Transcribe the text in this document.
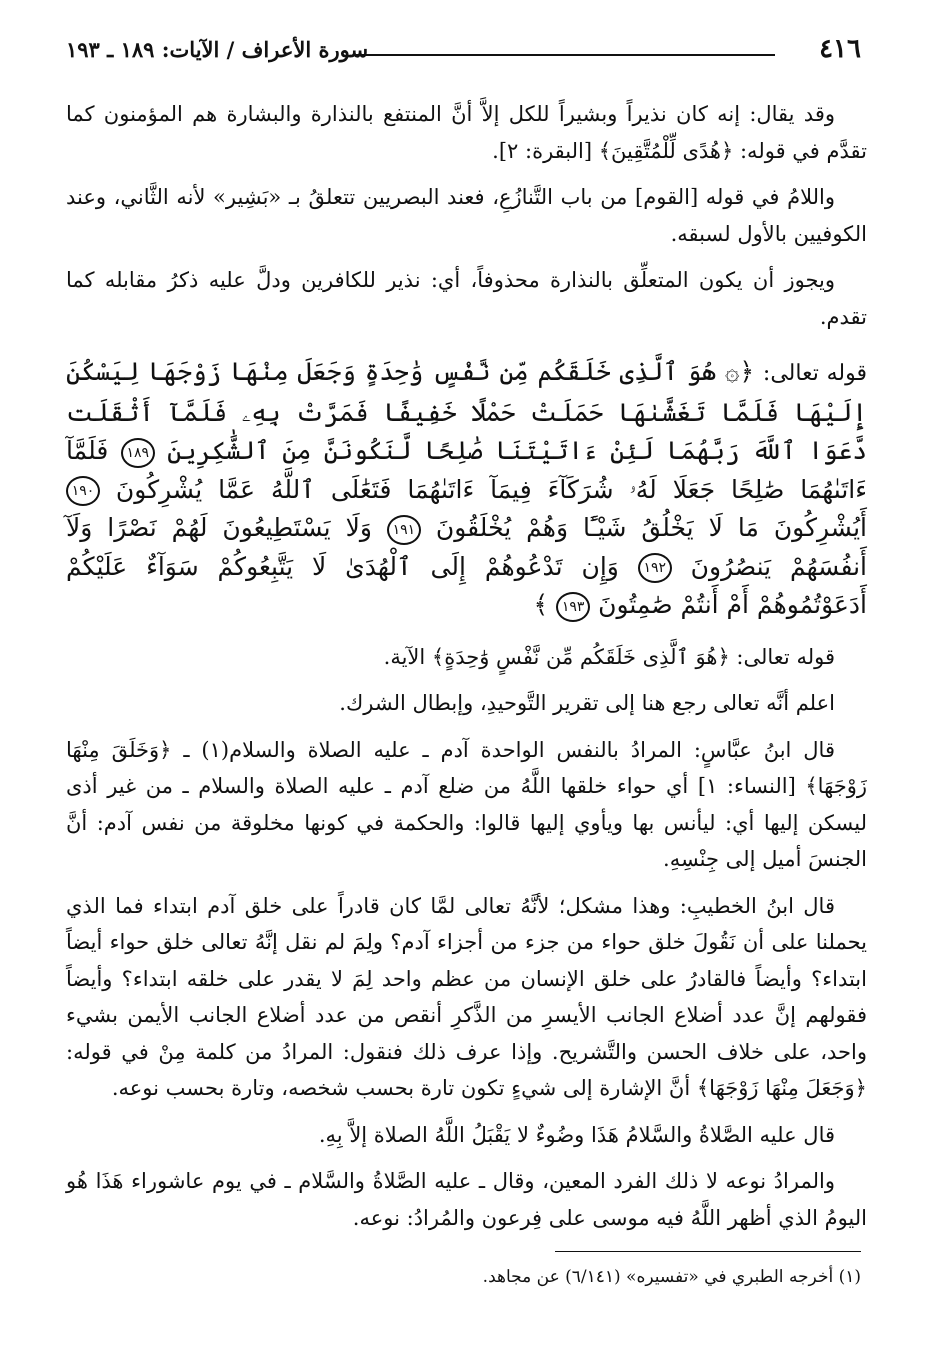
٤١٦
سورة الأعراف / الآيات: ١٨٩ ـ ١٩٣

وقد يقال: إنه كان نذيراً وبشيراً للكل إلاَّ أنَّ المنتفع بالنذارة والبشارة هم المؤمنون كما تقدَّم في قوله: ﴿هُدًى لِّلْمُتَّقِينَ﴾ [البقرة: ٢].

واللامُ في قوله [القوم] من باب التَّنازُعِ، فعند البصريين تتعلقُ بـ «بَشِير» لأنه الثَّاني، وعند الكوفيين بالأول لسبقه.

ويجوز أن يكون المتعلِّق بالنذارة محذوفاً، أي: نذير للكافرين ودلَّ عليه ذكرُ مقابله كما تقدم.

قوله تعالى: ﴿۞ هُوَ ٱلَّذِى خَلَقَكُم مِّن نَّفْسٍ وَٰحِدَةٍ وَجَعَلَ مِنْهَا زَوْجَهَا لِيَسْكُنَ إِلَيْهَا فَلَمَّا تَغَشَّىٰهَا حَمَلَتْ حَمْلًا خَفِيفًا فَمَرَّتْ بِهِۦ فَلَمَّآ أَثْقَلَت دَّعَوَا ٱللَّهَ رَبَّهُمَا لَئِنْ ءَاتَيْتَنَا صَٰلِحًا لَّنَكُونَنَّ مِنَ ٱلشَّٰكِرِينَ ١٨٩ فَلَمَّآ ءَاتَىٰهُمَا صَٰلِحًا جَعَلَا لَهُۥ شُرَكَآءَ فِيمَآ ءَاتَىٰهُمَا فَتَعَٰلَى ٱللَّهُ عَمَّا يُشْرِكُونَ ١٩٠ أَيُشْرِكُونَ مَا لَا يَخْلُقُ شَيْـًٔا وَهُمْ يُخْلَقُونَ ١٩١ وَلَا يَسْتَطِيعُونَ لَهُمْ نَصْرًا وَلَآ أَنفُسَهُمْ يَنصُرُونَ ١٩٢ وَإِن تَدْعُوهُمْ إِلَى ٱلْهُدَىٰ لَا يَتَّبِعُوكُمْ سَوَآءٌ عَلَيْكُمْ أَدَعَوْتُمُوهُمْ أَمْ أَنتُمْ صَٰمِتُونَ ١٩٣ ﴾

قوله تعالى: ﴿هُوَ ٱلَّذِى خَلَقَكُم مِّن نَّفْسٍ وَٰحِدَةٍ﴾ الآية.

اعلم أنَّه تعالى رجع هنا إلى تقرير التَّوحيدِ، وإبطال الشرك.

قال ابنُ عبَّاسٍ: المرادُ بالنفس الواحدة آدم ـ عليه الصلاة والسلام(١) ـ ﴿وَخَلَقَ مِنْهَا زَوْجَهَا﴾ [النساء: ١] أي حواء خلقها اللَّهُ من ضلع آدم ـ عليه الصلاة والسلام ـ من غير أذى ليسكن إليها أي: ليأنس بها ويأوي إليها قالوا: والحكمة في كونها مخلوقة من نفس آدم: أنَّ الجنسَ أميل إلى جِنْسِهِ.

قال ابنُ الخطيبِ: وهذا مشكل؛ لأنَّهُ تعالى لمَّا كان قادراً على خلق آدم ابتداء فما الذي يحملنا على أن نَقُولَ خلق حواء من جزء من أجزاء آدم؟ ولِمَ لم نقل إنَّهُ تعالى خلق حواء أيضاً ابتداء؟ وأيضاً فالقادرُ على خلق الإنسان من عظم واحد لِمَ لا يقدر على خلقه ابتداء؟ وأيضاً فقولهم إنَّ عدد أضلاع الجانب الأيسرِ من الذَّكرِ أنقص من عدد أضلاع الجانب الأيمن بشيء واحد، على خلاف الحسن والتَّشريح. وإذا عرف ذلك فنقول: المرادُ من كلمة مِنْ في قوله: ﴿وَجَعَلَ مِنْهَا زَوْجَهَا﴾ أنَّ الإشارة إلى شيءٍ تكون تارة بحسب شخصه، وتارة بحسب نوعه.

قال عليه الصَّلاةُ والسَّلامُ هَذَا وضُوءٌ لا يَقْبَلُ اللَّهُ الصلاة إلاَّ بِهِ.

والمرادُ نوعه لا ذلك الفرد المعين، وقال ـ عليه الصَّلاةُ والسَّلام ـ في يوم عاشوراء هَذَا هُو اليومُ الذي أظهر اللَّهُ فيه موسى على فِرعون والمُرادُ: نوعه.

(١) أخرجه الطبري في «تفسيره» (٦/١٤١) عن مجاهد.
